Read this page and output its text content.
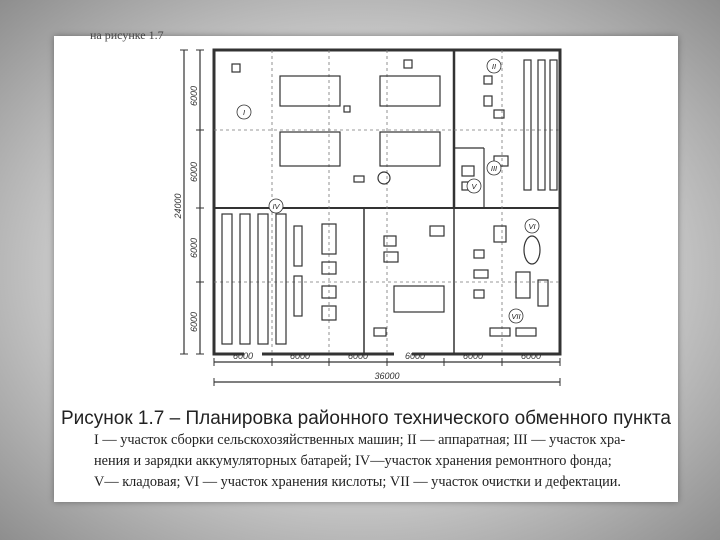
на рисунке 1.7
6000
6000
6000
6000
24000
6000	6000	6000	6000	6000	6000
36000
I
II
III
IV
V
VI
VII
Рисунок 1.7 – Планировка районного технического обменного пункта
I — участок сборки сельскохозяйственных машин; II — аппаратная; III — участок хра-
нения и зарядки аккумуляторных батарей; IV—участок хранения ремонтного фонда;
V— кладовая; VI — участок хранения кислоты; VII — участок очистки и дефектации.
